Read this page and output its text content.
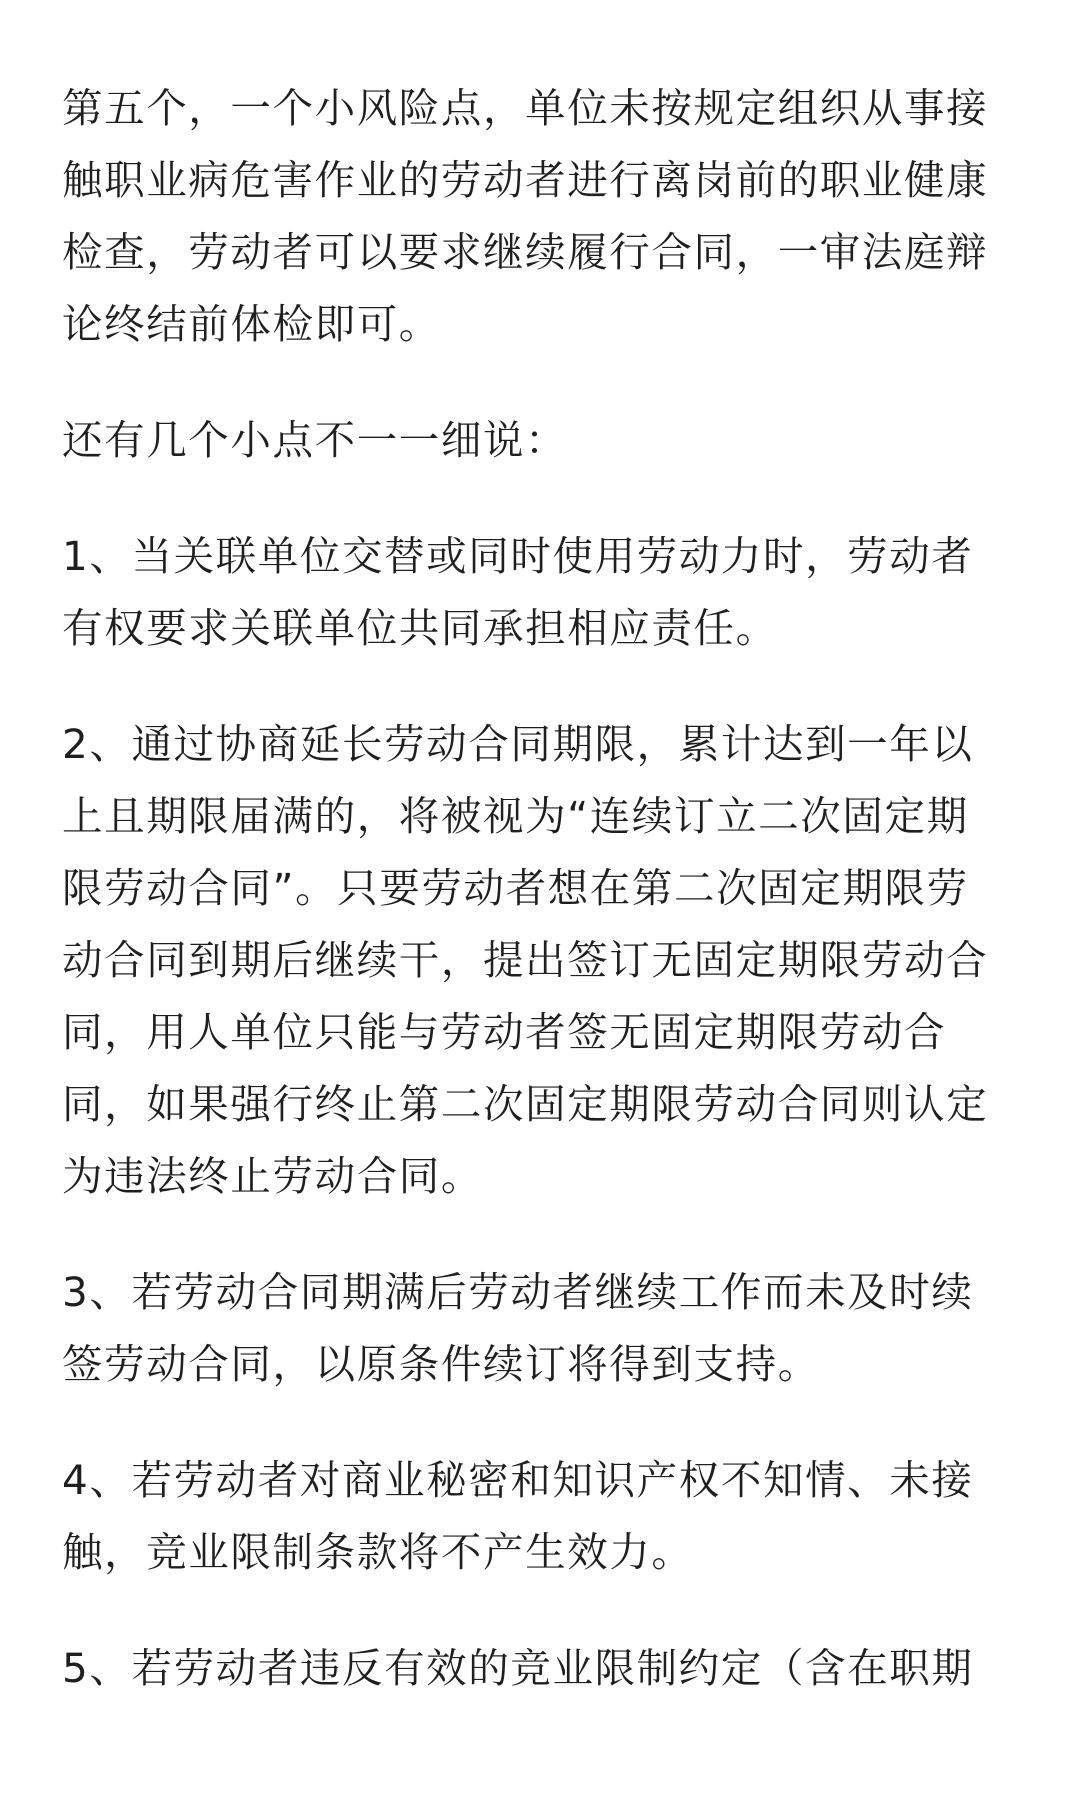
第五个，一个小风险点，单位未按规定组织从事接
触职业病危害作业的劳动者进行离岗前的职业健康
检查，劳动者可以要求继续履行合同，一审法庭辩
论终结前体检即可。

还有几个小点不一一细说：

1、当关联单位交替或同时使用劳动力时，劳动者
有权要求关联单位共同承担相应责任。

2、通过协商延长劳动合同期限，累计达到一年以
上且期限届满的，将被视为“连续订立二次固定期
限劳动合同”。只要劳动者想在第二次固定期限劳
动合同到期后继续干，提出签订无固定期限劳动合
同，用人单位只能与劳动者签无固定期限劳动合
同，如果强行终止第二次固定期限劳动合同则认定
为违法终止劳动合同。

3、若劳动合同期满后劳动者继续工作而未及时续
签劳动合同，以原条件续订将得到支持。

4、若劳动者对商业秘密和知识产权不知情、未接
触，竞业限制条款将不产生效力。

5、若劳动者违反有效的竞业限制约定（含在职期
